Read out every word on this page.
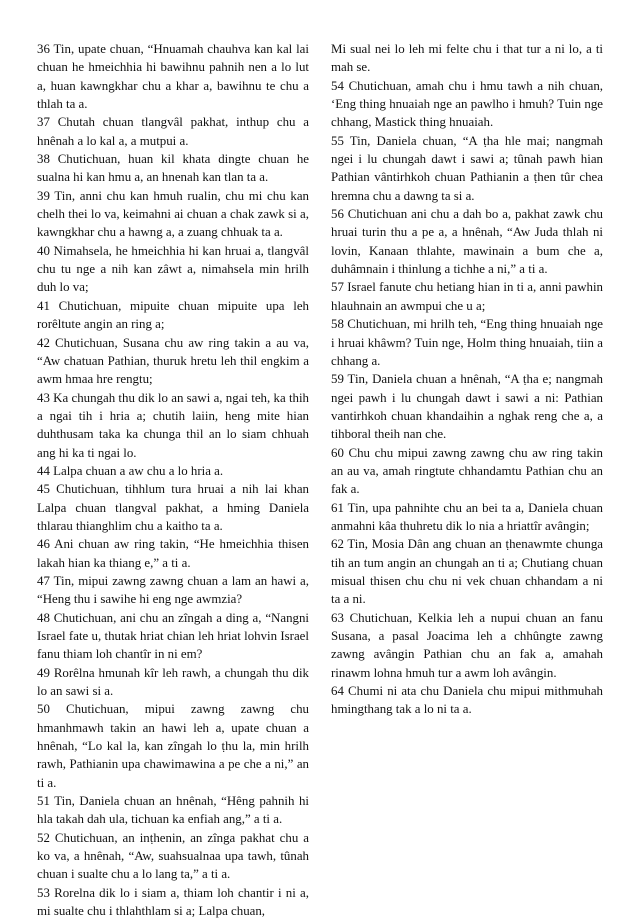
36 Tin, upate chuan, “Hnuamah chauhva kan kal lai chuan he hmeichhia hi bawihnu pahnih nen a lo lut a, huan kawngkhar chu a khar a, bawihnu te chu a thlah ta a.

37 Chutah chuan tlangvâl pakhat, inthup chu a hnênah a lo kal a, a mutpui a.

38 Chutichuan, huan kil khata dingte chuan he sualna hi kan hmu a, an hnenah kan tlan ta a.

39 Tin, anni chu kan hmuh rualin, chu mi chu kan chelh thei lo va, keimahni ai chuan a chak zawk si a, kawngkhar chu a hawng a, a zuang chhuak ta a.

40 Nimahsela, he hmeichhia hi kan hruai a, tlangvâl chu tu nge a nih kan zâwt a, nimahsela min hrilh duh lo va;

41 Chutichuan, mipuite chuan mipuite upa leh rorêltute angin an ring a;

42 Chutichuan, Susana chu aw ring takin a au va, “Aw chatuan Pathian, thuruk hretu leh thil engkim a awm hmaa hre rengtu;

43 Ka chungah thu dik lo an sawi a, ngai teh, ka thih a ngai tih i hria a; chutih laiin, heng mite hian duhthusam taka ka chunga thil an lo siam chhuah ang hi ka ti ngai lo.

44 Lalpa chuan a aw chu a lo hria a.

45 Chutichuan, tihhlum tura hruai a nih lai khan Lalpa chuan tlangval pakhat, a hming Daniela thlarau thianghlim chu a kaitho ta a.

46 Ani chuan aw ring takin, “He hmeichhia thisen lakah hian ka thiang e,” a ti a.

47 Tin, mipui zawng zawng chuan a lam an hawi a, “Heng thu i sawihe hi eng nge awmzia?

48 Chutichuan, ani chu an zîngah a ding a, “Nangni Israel fate u, thutak hriat chian leh hriat lohvin Israel fanu thiam loh chantîr in ni em?

49 Rorêlna hmunah kîr leh rawh, a chungah thu dik lo an sawi si a.

50 Chutichuan, mipui zawng zawng chu hmanhmawh takin an hawi leh a, upate chuan a hnênah, “Lo kal la, kan zîngah lo ṭhu la, min hrilh rawh, Pathianin upa chawimawina a pe che a ni,” an ti a.

51 Tin, Daniela chuan an hnênah, “Hêng pahnih hi hla takah dah ula, tichuan ka enfiah ang,” a ti a.

52 Chutichuan, an inṭhenin, an zînga pakhat chu a ko va, a hnênah, “Aw, suahsualnaa upa tawh, tûnah chuan i sualte chu a lo lang ta,” a ti a.

53 Rorelna dik lo i siam a, thiam loh chantir i ni a, mi sualte chu i thlahthlam si a; Lalpa chuan,

Mi sual nei lo leh mi felte chu i that tur a ni lo, a ti mah se.

54 Chutichuan, amah chu i hmu tawh a nih chuan, ‘Eng thing hnuaiah nge an pawlho i hmuh? Tuin nge chhang, Mastick thing hnuaiah.

55 Tin, Daniela chuan, “A ṭha hle mai; nangmah ngei i lu chungah dawt i sawi a; tûnah pawh hian Pathian vântirhkoh chuan Pathianin a ṭhen tûr chea hremna chu a dawng ta si a.

56 Chutichuan ani chu a dah bo a, pakhat zawk chu hruai turin thu a pe a, a hnênah, “Aw Juda thlah ni lovin, Kanaan thlahte, mawinain a bum che a, duhâmnain i thinlung a tichhe a ni,” a ti a.

57 Israel fanute chu hetiang hian in ti a, anni pawhin hlauhnain an awmpui che u a;

58 Chutichuan, mi hrilh teh, “Eng thing hnuaiah nge i hruai khâwm? Tuin nge, Holm thing hnuaiah, tiin a chhang a.

59 Tin, Daniela chuan a hnênah, “A ṭha e; nangmah ngei pawh i lu chungah dawt i sawi a ni: Pathian vantirhkoh chuan khandaihin a nghak reng che a, a tihboral theih nan che.

60 Chu chu mipui zawng zawng chu aw ring takin an au va, amah ringtute chhandamtu Pathian chu an fak a.

61 Tin, upa pahnihte chu an bei ta a, Daniela chuan anmahni kâa thuhretu dik lo nia a hriattîr avângin;

62 Tin, Mosia Dân ang chuan an ṭhenawmte chunga tih an tum angin an chungah an ti a; Chutiang chuan misual thisen chu chu ni vek chuan chhandam a ni ta a ni.

63 Chutichuan, Kelkia leh a nupui chuan an fanu Susana, a pasal Joacima leh a chhûngte zawng zawng avângin Pathian chu an fak a, amahah rinawm lohna hmuh tur a awm loh avângin.

64 Chumi ni ata chu Daniela chu mipui mithmuhah hmingthang tak a lo ni ta a.
